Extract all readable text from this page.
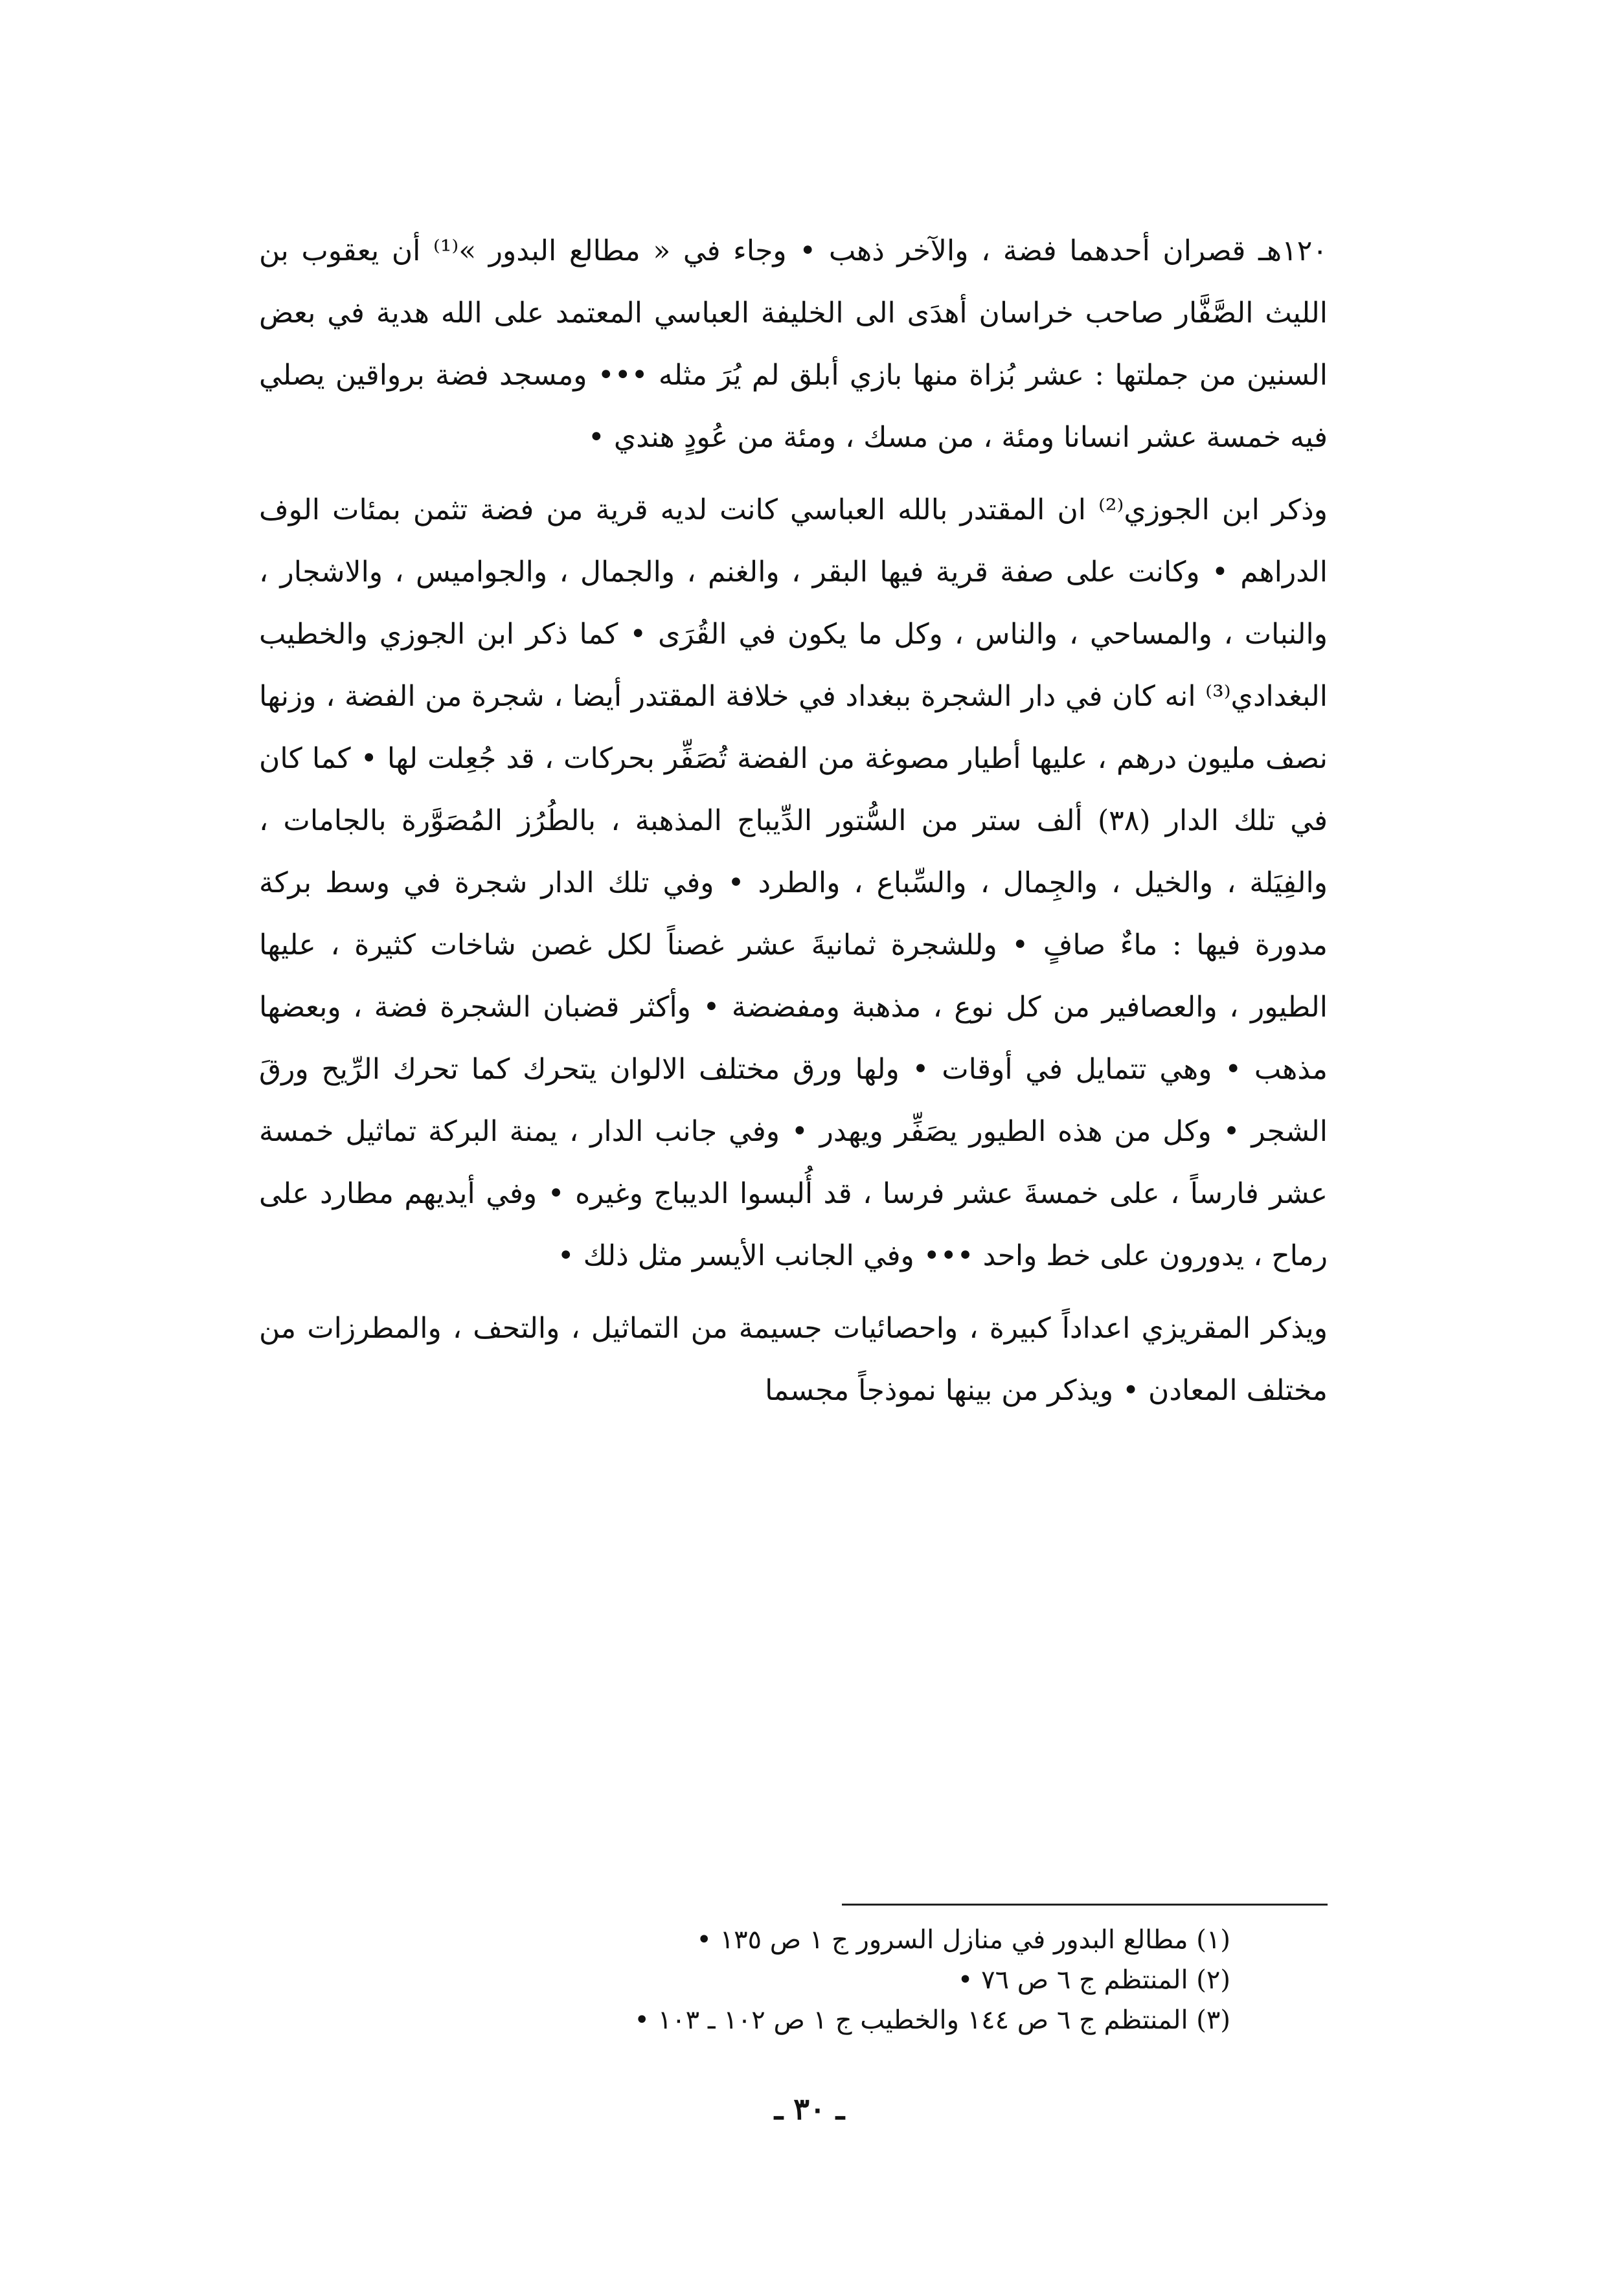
١٢٠هـ قصران أحدهما فضة ، والآخر ذهب • وجاء في « مطالع البدور »⁽¹⁾ أن يعقوب بن الليث الصَّفَّار صاحب خراسان أهدَى الى الخليفة العباسي المعتمد على الله هدية في بعض السنين من جملتها : عشر بُزاة منها بازي أبلق لم يُرَ مثله ••• ومسجد فضة برواقين يصلي فيه خمسة عشر انسانا ومئة ، من مسك ، ومئة من عُودٍ هندي •

وذكر ابن الجوزي⁽²⁾ ان المقتدر بالله العباسي كانت لديه قرية من فضة تثمن بمئات الوف الدراهم • وكانت على صفة قرية فيها البقر ، والغنم ، والجمال ، والجواميس ، والاشجار ، والنبات ، والمساحي ، والناس ، وكل ما يكون في القُرَى • كما ذكر ابن الجوزي والخطيب البغدادي⁽³⁾ انه كان في دار الشجرة ببغداد في خلافة المقتدر أيضا ، شجرة من الفضة ، وزنها نصف مليون درهم ، عليها أطيار مصوغة من الفضة تُصَفِّر بحركات ، قد جُعِلت لها • كما كان في تلك الدار (٣٨) ألف ستر من السُّتور الدِّيباج المذهبة ، بالطُرُز المُصَوَّرة بالجامات ، والفِيَلة ، والخيل ، والجِمال ، والسِّباع ، والطرد • وفي تلك الدار شجرة في وسط بركة مدورة فيها : ماءٌ صافٍ • وللشجرة ثمانيةَ عشر غصناً لكل غصن شاخات كثيرة ، عليها الطيور ، والعصافير من كل نوع ، مذهبة ومفضضة • وأكثر قضبان الشجرة فضة ، وبعضها مذهب • وهي تتمايل في أوقات • ولها ورق مختلف الالوان يتحرك كما تحرك الرِّيح ورقَ الشجر • وكل من هذه الطيور يصَفِّر ويهدر • وفي جانب الدار ، يمنة البركة تماثيل خمسة عشر فارساً ، على خمسةَ عشر فرسا ، قد أُلبسوا الديباج وغيره • وفي أيديهم مطارد على رماح ، يدورون على خط واحد ••• وفي الجانب الأيسر مثل ذلك •

ويذكر المقريزي اعداداً كبيرة ، واحصائيات جسيمة من التماثيل ، والتحف ، والمطرزات من مختلف المعادن • ويذكر من بينها نموذجاً مجسما

(١) مطالع البدور في منازل السرور ج ١ ص ١٣٥ •

(٢) المنتظم ج ٦ ص ٧٦ •

(٣) المنتظم ج ٦ ص ١٤٤ والخطيب ج ١ ص ١٠٢ ـ ١٠٣ •

ـ ٣٠ ـ
